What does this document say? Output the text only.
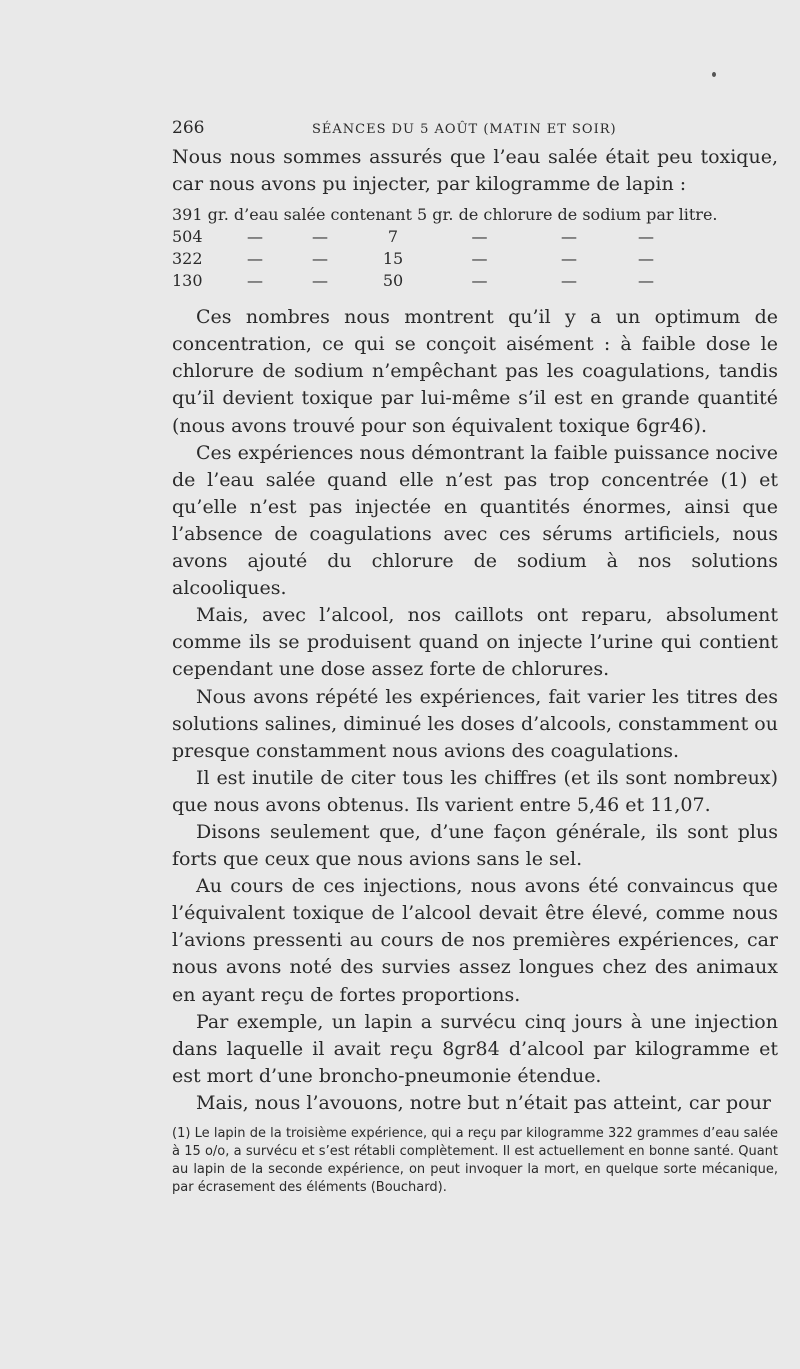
266	SÉANCES DU 5 AOÛT (MATIN ET SOIR)

Nous nous sommes assurés que l’eau salée était peu toxique, car nous avons pu injecter, par kilogramme de lapin :

391 gr. d’eau salée contenant 5 gr. de chlorure de sodium par litre.
504	—	—	7	—	—	—
322	—	—	15	—	—	—
130	—	—	50	—	—	—

Ces nombres nous montrent qu’il y a un optimum de concentration, ce qui se conçoit aisément : à faible dose le chlorure de sodium n’empêchant pas les coagulations, tandis qu’il devient toxique par lui-même s’il est en grande quantité (nous avons trouvé pour son équivalent toxique 6gr46).

Ces expériences nous démontrant la faible puissance nocive de l’eau salée quand elle n’est pas trop concentrée (1) et qu’elle n’est pas injectée en quantités énormes, ainsi que l’absence de coagulations avec ces sérums artificiels, nous avons ajouté du chlorure de sodium à nos solutions alcooliques.

Mais, avec l’alcool, nos caillots ont reparu, absolument comme ils se produisent quand on injecte l’urine qui contient cependant une dose assez forte de chlorures.

Nous avons répété les expériences, fait varier les titres des solutions salines, diminué les doses d’alcools, constamment ou presque constamment nous avions des coagulations.

Il est inutile de citer tous les chiffres (et ils sont nombreux) que nous avons obtenus. Ils varient entre 5,46 et 11,07.

Disons seulement que, d’une façon générale, ils sont plus forts que ceux que nous avions sans le sel.

Au cours de ces injections, nous avons été convaincus que l’équivalent toxique de l’alcool devait être élevé, comme nous l’avions pressenti au cours de nos premières expériences, car nous avons noté des survies assez longues chez des animaux en ayant reçu de fortes proportions.

Par exemple, un lapin a survécu cinq jours à une injection dans laquelle il avait reçu 8gr84 d’alcool par kilogramme et est mort d’une broncho-pneumonie étendue.

Mais, nous l’avouons, notre but n’était pas atteint, car pour

(1) Le lapin de la troisième expérience, qui a reçu par kilogramme 322 grammes d’eau salée à 15 o/o, a survécu et s’est rétabli complètement. Il est actuellement en bonne santé. Quant au lapin de la seconde expérience, on peut invoquer la mort, en quelque sorte mécanique, par écrasement des éléments (Bouchard).
